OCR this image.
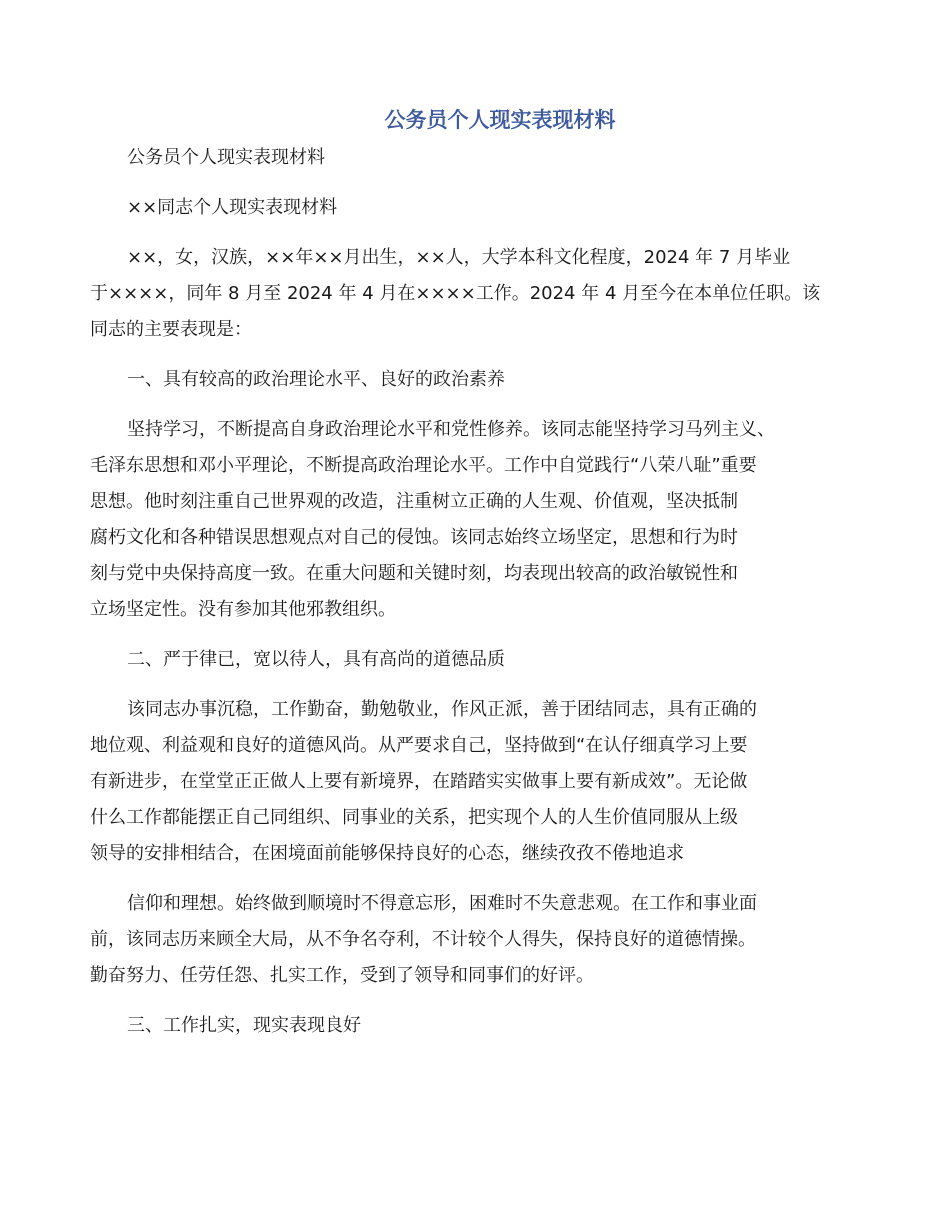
公务员个人现实表现材料

公务员个人现实表现材料

××同志个人现实表现材料

××，女，汉族，××年××月出生，××人，大学本科文化程度，2024 年 7 月毕业
于××××，同年 8 月至 2024 年 4 月在××××工作。2024 年 4 月至今在本单位任职。该
同志的主要表现是：

一、具有较高的政治理论水平、良好的政治素养

坚持学习，不断提高自身政治理论水平和党性修养。该同志能坚持学习马列主义、
毛泽东思想和邓小平理论，不断提高政治理论水平。工作中自觉践行“八荣八耻”重要
思想。他时刻注重自己世界观的改造，注重树立正确的人生观、价值观，坚决抵制
腐朽文化和各种错误思想观点对自己的侵蚀。该同志始终立场坚定，思想和行为时
刻与党中央保持高度一致。在重大问题和关键时刻，均表现出较高的政治敏锐性和
立场坚定性。没有参加其他邪教组织。

二、严于律已，宽以待人，具有高尚的道德品质

该同志办事沉稳，工作勤奋，勤勉敬业，作风正派，善于团结同志，具有正确的
地位观、利益观和良好的道德风尚。从严要求自己，坚持做到“在认仔细真学习上要
有新进步，在堂堂正正做人上要有新境界，在踏踏实实做事上要有新成效”。无论做
什么工作都能摆正自己同组织、同事业的关系，把实现个人的人生价值同服从上级
领导的安排相结合，在困境面前能够保持良好的心态，继续孜孜不倦地追求

信仰和理想。始终做到顺境时不得意忘形，困难时不失意悲观。在工作和事业面
前，该同志历来顾全大局，从不争名夺利，不计较个人得失，保持良好的道德情操。
勤奋努力、任劳任怨、扎实工作，受到了领导和同事们的好评。

三、工作扎实，现实表现良好
